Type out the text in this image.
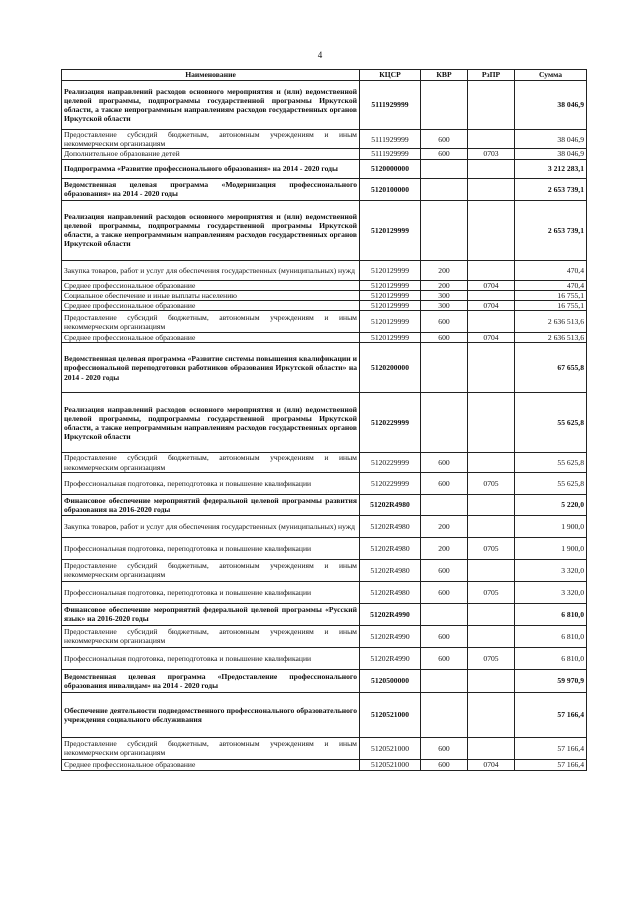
4
Наименование	КЦСР	КВР	РзПР	Сумма
Реализация направлений расходов основного мероприятия и (или) ведомственной целевой программы, подпрограммы государственной программы Иркутской области, а также непрограммным направлениям расходов государственных органов Иркутской области	5111929999			38 046,9
Предоставление субсидий бюджетным, автономным учреждениям и иным некоммерческим организациям	5111929999	600		38 046,9
Дополнительное образование детей	5111929999	600	0703	38 046,9
Подпрограмма «Развитие профессионального образования» на 2014 - 2020 годы	5120000000			3 212 283,1
Ведомственная целевая программа «Модернизация профессионального образования» на 2014 - 2020 годы	5120100000			2 653 739,1
Реализация направлений расходов основного мероприятия и (или) ведомственной целевой программы, подпрограммы государственной программы Иркутской области, а также непрограммным направлениям расходов государственных органов Иркутской области	5120129999			2 653 739,1
Закупка товаров, работ и услуг для обеспечения государственных (муниципальных) нужд	5120129999	200		470,4
Среднее профессиональное образование	5120129999	200	0704	470,4
Социальное обеспечение и иные выплаты населению	5120129999	300		16 755,1
Среднее профессиональное образование	5120129999	300	0704	16 755,1
Предоставление субсидий бюджетным, автономным учреждениям и иным некоммерческим организациям	5120129999	600		2 636 513,6
Среднее профессиональное образование	5120129999	600	0704	2 636 513,6
Ведомственная целевая программа «Развитие системы повышения квалификации и профессиональной переподготовки работников образования Иркутской области» на 2014 - 2020 годы	5120200000			67 655,8
Реализация направлений расходов основного мероприятия и (или) ведомственной целевой программы, подпрограммы государственной программы Иркутской области, а также непрограммным направлениям расходов государственных органов Иркутской области	5120229999			55 625,8
Предоставление субсидий бюджетным, автономным учреждениям и иным некоммерческим организациям	5120229999	600		55 625,8
Профессиональная подготовка, переподготовка и повышение квалификации	5120229999	600	0705	55 625,8
Финансовое обеспечение мероприятий федеральной целевой программы развития образования на 2016-2020 годы	51202R4980			5 220,0
Закупка товаров, работ и услуг для обеспечения государственных (муниципальных) нужд	51202R4980	200		1 900,0
Профессиональная подготовка, переподготовка и повышение квалификации	51202R4980	200	0705	1 900,0
Предоставление субсидий бюджетным, автономным учреждениям и иным некоммерческим организациям	51202R4980	600		3 320,0
Профессиональная подготовка, переподготовка и повышение квалификации	51202R4980	600	0705	3 320,0
Финансовое обеспечение мероприятий федеральной целевой программы «Русский язык» на 2016-2020 годы	51202R4990			6 810,0
Предоставление субсидий бюджетным, автономным учреждениям и иным некоммерческим организациям	51202R4990	600		6 810,0
Профессиональная подготовка, переподготовка и повышение квалификации	51202R4990	600	0705	6 810,0
Ведомственная целевая программа «Предоставление профессионального образования инвалидам» на 2014 - 2020 годы	5120500000			59 970,9
Обеспечение деятельности подведомственного профессионального образовательного учреждения социального обслуживания	5120521000			57 166,4
Предоставление субсидий бюджетным, автономным учреждениям и иным некоммерческим организациям	5120521000	600		57 166,4
Среднее профессиональное образование	5120521000	600	0704	57 166,4
